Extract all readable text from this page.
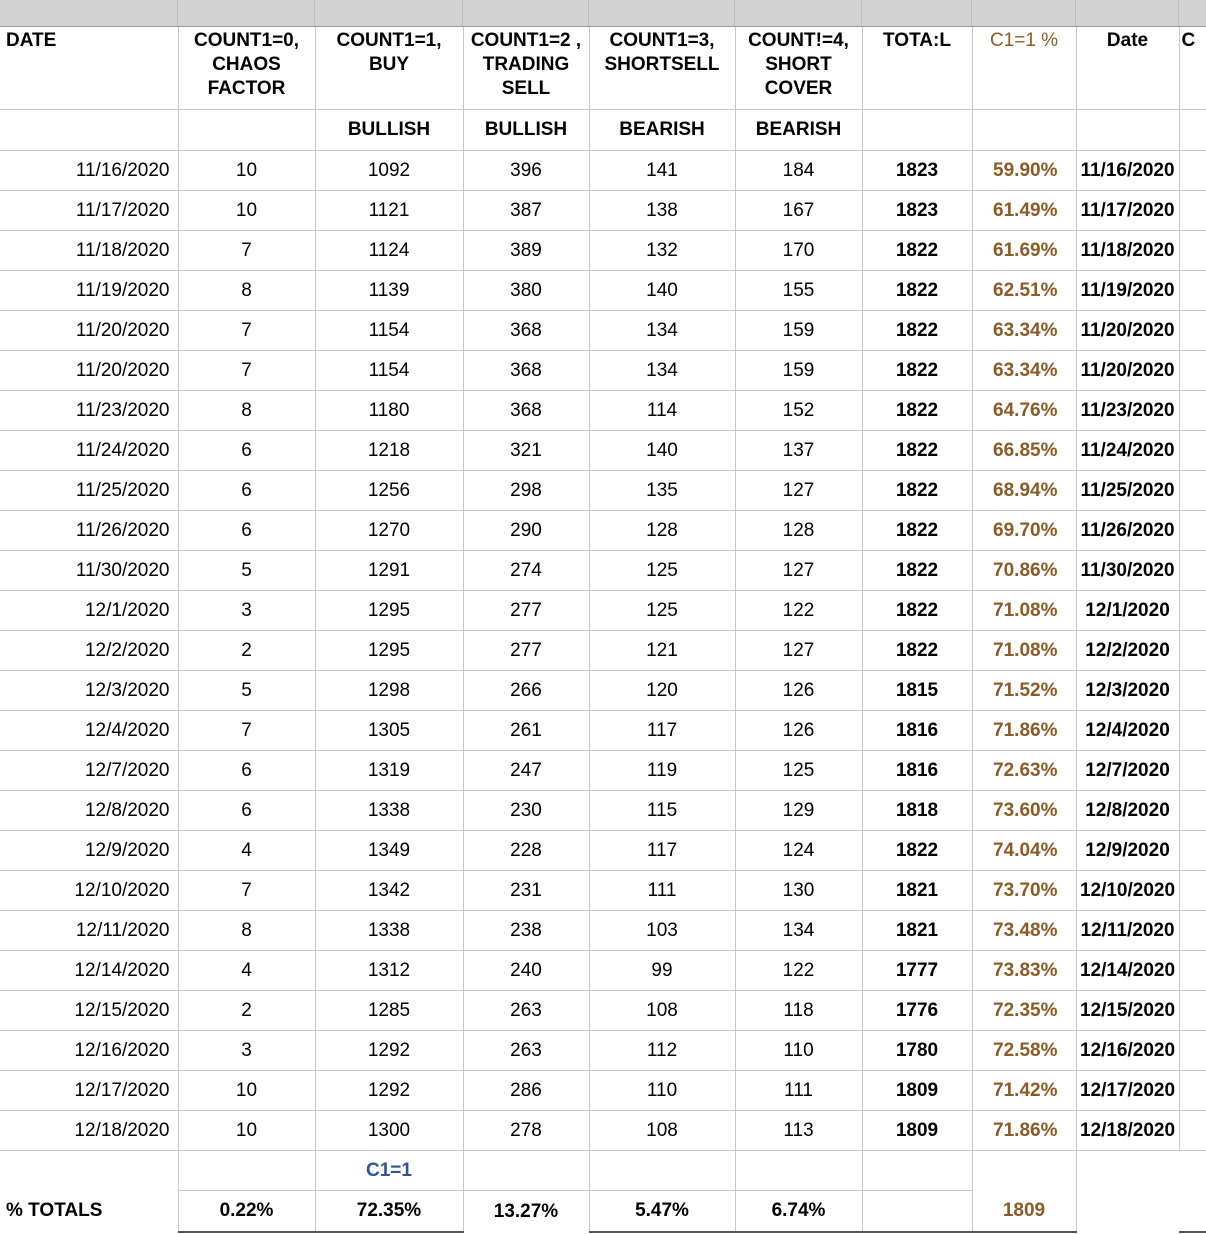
DATE	COUNT1=0, CHAOS FACTOR	COUNT1=1, BUY	COUNT1=2 , TRADING SELL	COUNT1=3, SHORTSELL	COUNT!=4, SHORT COVER	TOTA:L	C1=1 %	Date	C
		BULLISH	BULLISH	BEARISH	BEARISH				
11/16/2020	10	1092	396	141	184	1823	59.90%	11/16/2020	
11/17/2020	10	1121	387	138	167	1823	61.49%	11/17/2020	
11/18/2020	7	1124	389	132	170	1822	61.69%	11/18/2020	
11/19/2020	8	1139	380	140	155	1822	62.51%	11/19/2020	
11/20/2020	7	1154	368	134	159	1822	63.34%	11/20/2020	
11/20/2020	7	1154	368	134	159	1822	63.34%	11/20/2020	
11/23/2020	8	1180	368	114	152	1822	64.76%	11/23/2020	
11/24/2020	6	1218	321	140	137	1822	66.85%	11/24/2020	
11/25/2020	6	1256	298	135	127	1822	68.94%	11/25/2020	
11/26/2020	6	1270	290	128	128	1822	69.70%	11/26/2020	
11/30/2020	5	1291	274	125	127	1822	70.86%	11/30/2020	
12/1/2020	3	1295	277	125	122	1822	71.08%	12/1/2020	
12/2/2020	2	1295	277	121	127	1822	71.08%	12/2/2020	
12/3/2020	5	1298	266	120	126	1815	71.52%	12/3/2020	
12/4/2020	7	1305	261	117	126	1816	71.86%	12/4/2020	
12/7/2020	6	1319	247	119	125	1816	72.63%	12/7/2020	
12/8/2020	6	1338	230	115	129	1818	73.60%	12/8/2020	
12/9/2020	4	1349	228	117	124	1822	74.04%	12/9/2020	
12/10/2020	7	1342	231	111	130	1821	73.70%	12/10/2020	
12/11/2020	8	1338	238	103	134	1821	73.48%	12/11/2020	
12/14/2020	4	1312	240	99	122	1777	73.83%	12/14/2020	
12/15/2020	2	1285	263	108	118	1776	72.35%	12/15/2020	
12/16/2020	3	1292	263	112	110	1780	72.58%	12/16/2020	
12/17/2020	10	1292	286	110	111	1809	71.42%	12/17/2020	
12/18/2020	10	1300	278	108	113	1809	71.86%	12/18/2020	
		C1=1							
% TOTALS	0.22%	72.35%	13.27%	5.47%	6.74%		1809		
